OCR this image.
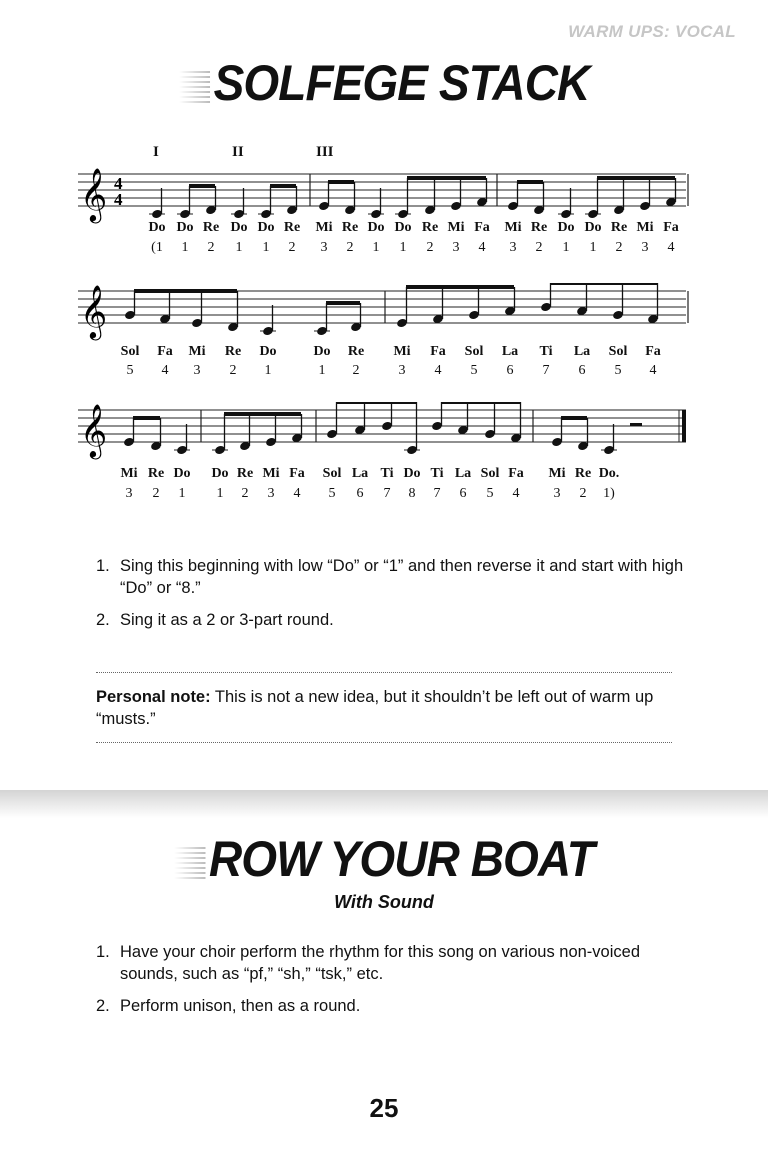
WARM UPS: VOCAL
SOLFEGE STACK
I	II	III
𝄞 4
4
Do Do Re Do Do Re Mi Re Do Do Re Mi Fa Mi Re Do Do Re Mi Fa
(1 1 2 1 1 2 3 2 1 1 2 3 4 3 2 1 1 2 3 4
𝄞
Sol Fa Mi Re Do	Do Re Mi Fa Sol La Ti La Sol Fa
5 4 3 2 1	1 2	3 4 5 6 7 6 5 4
𝄞
Mi Re Do Do Re Mi Fa Sol La Ti Do Ti La Sol Fa Mi Re Do.
3 2 1 1 2 3 4 5 6 7 8 7 6 5 4 3 2 1)
1. Sing this beginning with low “Do” or “1” and then reverse it and start with high “Do” or “8.”
2. Sing it as a 2 or 3-part round.
Personal note: This is not a new idea, but it shouldn’t be left out of warm up “musts.”
ROW YOUR BOAT
With Sound
1. Have your choir perform the rhythm for this song on various non-voiced sounds, such as “pf,” “sh,” “tsk,” etc.
2. Perform unison, then as a round.
25
